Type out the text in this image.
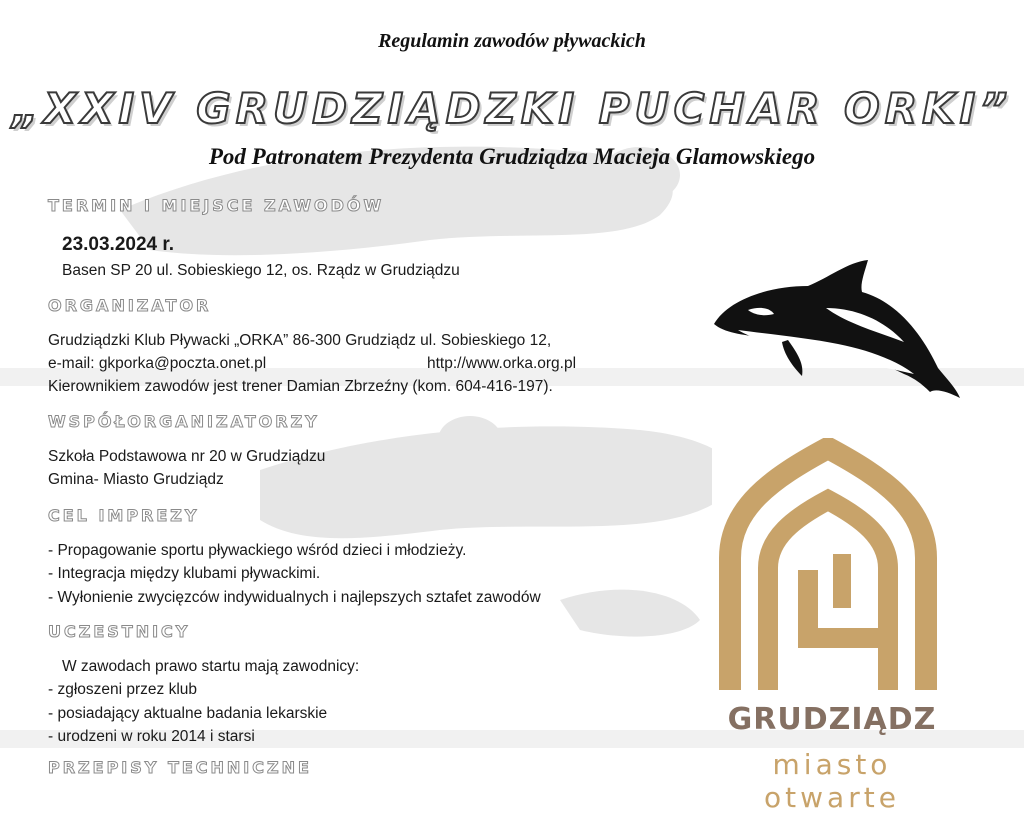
Regulamin zawodów pływackich
„XXIV GRUDZIĄDZKI PUCHAR ORKI”
Pod Patronatem Prezydenta Grudziądza Macieja Glamowskiego
TERMIN I MIEJSCE ZAWODÓW
23.03.2024 r.
Basen SP 20 ul. Sobieskiego 12, os. Rządz w Grudziądzu
ORGANIZATOR
Grudziądzki Klub Pływacki „ORKA” 86-300 Grudziądz ul. Sobieskiego 12,
e-mail: gkporka@poczta.onet.pl	http://www.orka.org.pl
Kierownikiem zawodów jest trener Damian Zbrzeźny (kom. 604-416-197).
WSPÓŁORGANIZATORZY
Szkoła Podstawowa nr 20 w Grudziądzu
Gmina- Miasto Grudziądz
CEL IMPREZY
- Propagowanie sportu pływackiego wśród dzieci i młodzieży.
- Integracja między klubami pływackimi.
- Wyłonienie zwycięzców indywidualnych i najlepszych sztafet zawodów
UCZESTNICY
W zawodach prawo startu mają zawodnicy:
- zgłoszeni przez klub
- posiadający aktualne badania lekarskie
- urodzeni w roku 2014 i starsi
PRZEPISY TECHNICZNE
GRUDZIĄDZ
miasto otwarte
